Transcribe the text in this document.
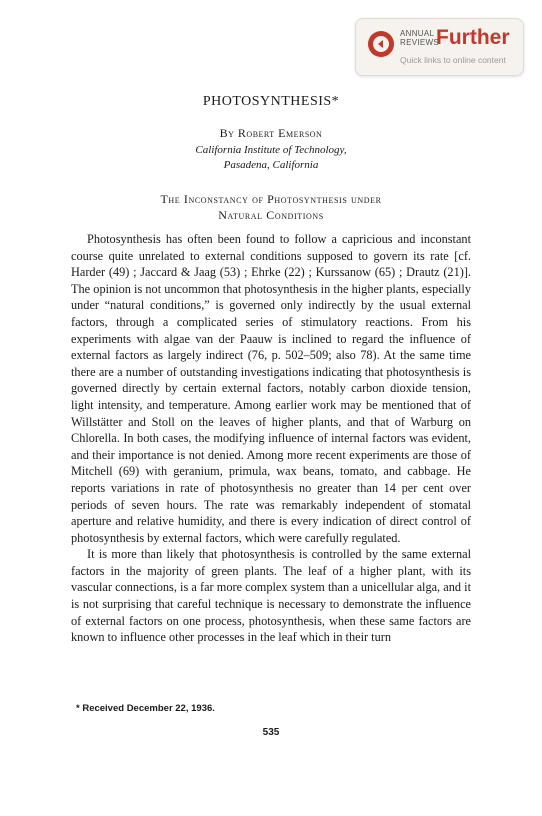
ANNUAL
REVIEWS
Further
Quick links to online content
PHOTOSYNTHESIS*
By Robert Emerson
California Institute of Technology,
Pasadena, California
The Inconstancy of Photosynthesis under
Natural Conditions

Photosynthesis has often been found to follow a capricious and inconstant course quite unrelated to external conditions supposed to govern its rate [cf. Harder (49) ; Jaccard & Jaag (53) ; Ehrke (22) ; Kurssanow (65) ; Drautz (21)]. The opinion is not uncommon that photosynthesis in the higher plants, especially under “natural conditions,” is governed only indirectly by the usual external factors, through a complicated series of stimulatory reactions. From his experiments with algae van der Paauw is inclined to regard the influence of external factors as largely indirect (76, p. 502–509; also 78). At the same time there are a number of outstanding investigations indicating that photosynthesis is governed directly by certain external factors, notably carbon dioxide tension, light intensity, and temperature. Among earlier work may be mentioned that of Willstätter and Stoll on the leaves of higher plants, and that of Warburg on Chlorella. In both cases, the modifying influence of internal factors was evident, and their importance is not denied. Among more recent experiments are those of Mitchell (69) with geranium, primula, wax beans, tomato, and cabbage. He reports variations in rate of photosynthesis no greater than 14 per cent over periods of seven hours. The rate was remarkably independent of stomatal aperture and relative humidity, and there is every indication of direct control of photosynthesis by external factors, which were carefully regulated.

It is more than likely that photosynthesis is controlled by the same external factors in the majority of green plants. The leaf of a higher plant, with its vascular connections, is a far more complex system than a unicellular alga, and it is not surprising that careful technique is necessary to demonstrate the influence of external factors on one process, photosynthesis, when these same factors are known to influence other processes in the leaf which in their turn

* Received December 22, 1936.
535
